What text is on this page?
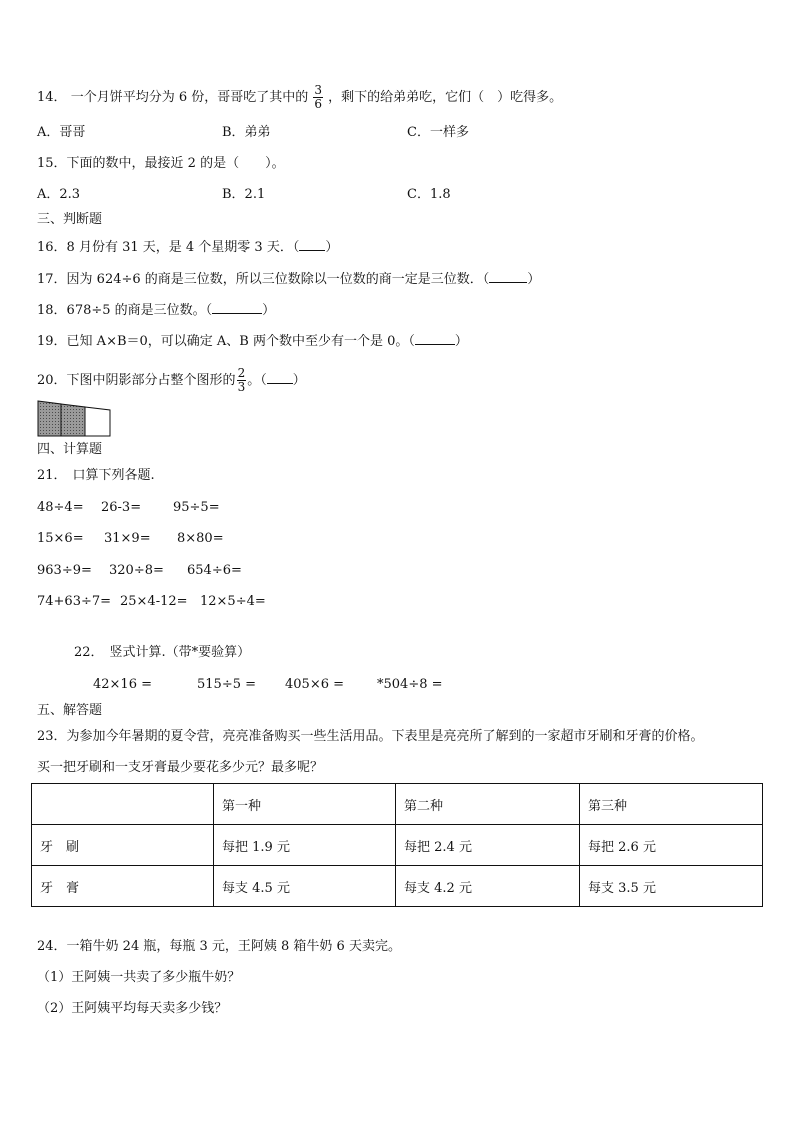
14． 一个月饼平均分为 6 份，哥哥吃了其中的 $\frac{3}{6}$ ，剩下的给弟弟吃，它们（　）吃得多。
A．哥哥	B．弟弟	C．一样多
15．下面的数中，最接近 2 的是（　　）。
A．2.3	B．2.1	C．1.8
三、判断题
16．8 月份有 31 天，是 4 个星期零 3 天．（ ）
17．因为 624÷6 的商是三位数，所以三位数除以一位数的商一定是三位数．（	）
18．678÷5 的商是三位数。（	）
19．已知 A×B＝0，可以确定 A、B 两个数中至少有一个是 0。（	）
20．下图中阴影部分占整个图形的 $\frac{2}{3}$ 。（ ）
四、计算题
21． 口算下列各题.
48÷4= 26-3= 95÷5=
15×6= 31×9= 8×80=
963÷9= 320÷8= 654÷6=
74+63÷7= 25×4-12= 12×5÷4=
22． 竖式计算.（带*要验算）
42×16 =	515÷5 = 405×6 =	*504÷8 =
五、解答题
23．为参加今年暑期的夏令营，亮亮准备购买一些生活用品。下表里是亮亮所了解到的一家超市牙刷和牙膏的价格。
买一把牙刷和一支牙膏最少要花多少元？最多呢？
	第一种	第二种	第三种
牙　刷	每把 1.9 元	每把 2.4 元	每把 2.6 元
牙　膏	每支 4.5 元	每支 4.2 元	每支 3.5 元
24．一箱牛奶 24 瓶，每瓶 3 元，王阿姨 8 箱牛奶 6 天卖完。
（1）王阿姨一共卖了多少瓶牛奶？
（2）王阿姨平均每天卖多少钱？
